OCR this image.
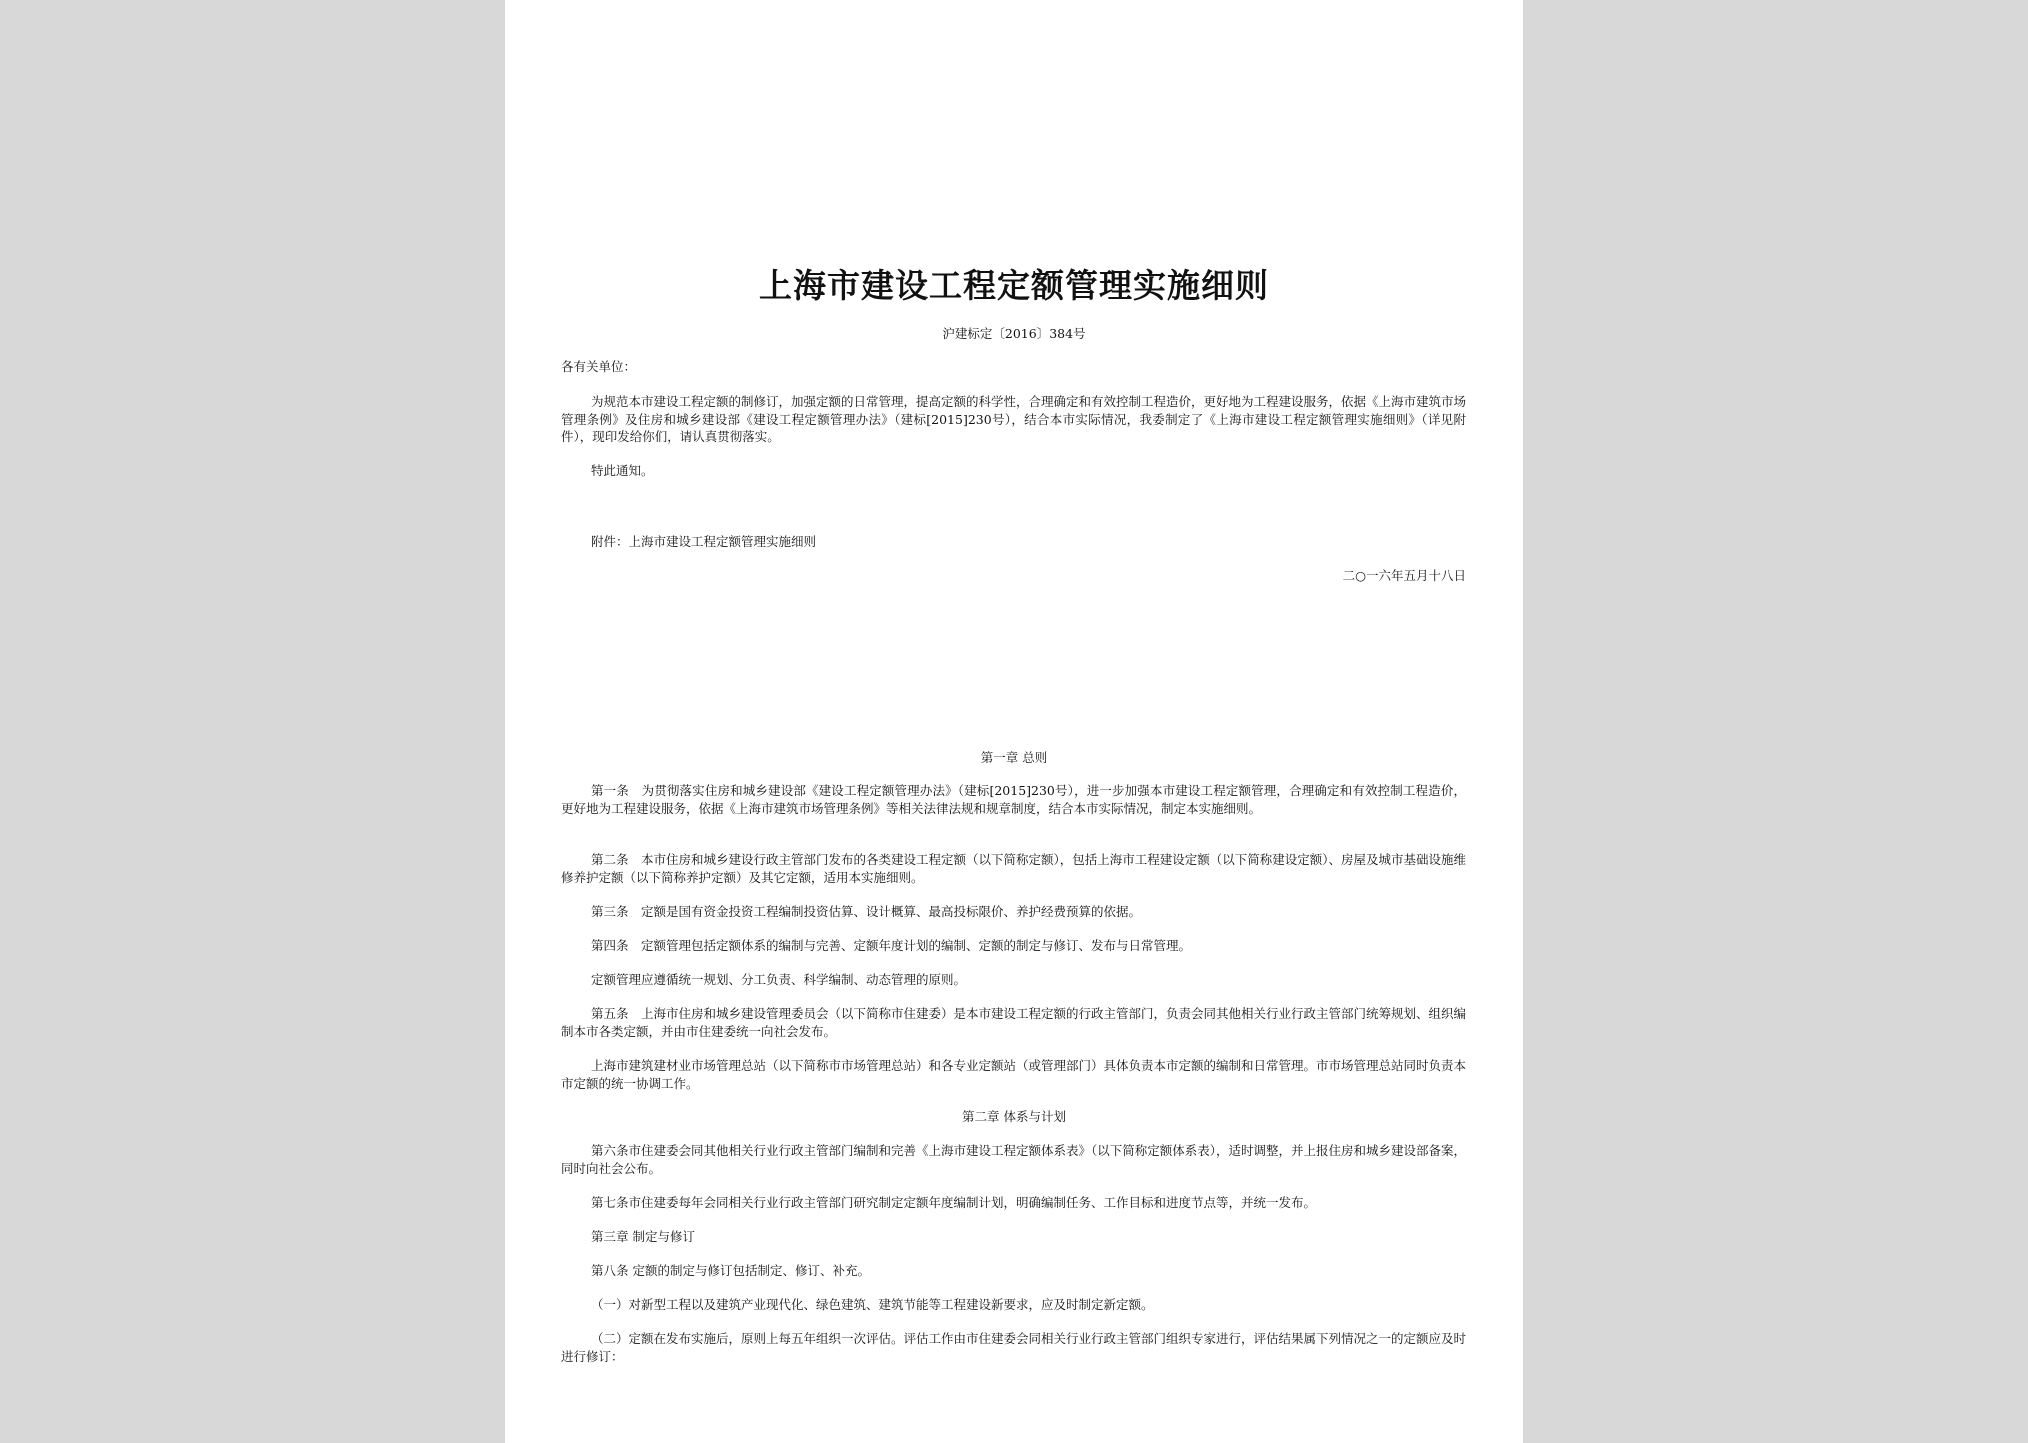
上海市建设工程定额管理实施细则

沪建标定〔2016〕384号

各有关单位：

为规范本市建设工程定额的制修订，加强定额的日常管理，提高定额的科学性，合理确定和有效控制工程造价，更好地为工程建设服务，依据《上海市建筑市场管理条例》及住房和城乡建设部《建设工程定额管理办法》（建标[2015]230号），结合本市实际情况，我委制定了《上海市建设工程定额管理实施细则》（详见附件），现印发给你们，请认真贯彻落实。

特此通知。

附件：上海市建设工程定额管理实施细则

二○一六年五月十八日

第一章 总则

第一条　为贯彻落实住房和城乡建设部《建设工程定额管理办法》（建标[2015]230号），进一步加强本市建设工程定额管理，合理确定和有效控制工程造价，更好地为工程建设服务，依据《上海市建筑市场管理条例》等相关法律法规和规章制度，结合本市实际情况，制定本实施细则。

第二条　本市住房和城乡建设行政主管部门发布的各类建设工程定额（以下简称定额），包括上海市工程建设定额（以下简称建设定额）、房屋及城市基础设施维修养护定额（以下简称养护定额）及其它定额，适用本实施细则。

第三条　定额是国有资金投资工程编制投资估算、设计概算、最高投标限价、养护经费预算的依据。

第四条　定额管理包括定额体系的编制与完善、定额年度计划的编制、定额的制定与修订、发布与日常管理。

定额管理应遵循统一规划、分工负责、科学编制、动态管理的原则。

第五条　上海市住房和城乡建设管理委员会（以下简称市住建委）是本市建设工程定额的行政主管部门，负责会同其他相关行业行政主管部门统筹规划、组织编制本市各类定额，并由市住建委统一向社会发布。

上海市建筑建材业市场管理总站（以下简称市市场管理总站）和各专业定额站（或管理部门）具体负责本市定额的编制和日常管理。市市场管理总站同时负责本市定额的统一协调工作。

第二章 体系与计划

第六条市住建委会同其他相关行业行政主管部门编制和完善《上海市建设工程定额体系表》（以下简称定额体系表），适时调整，并上报住房和城乡建设部备案，同时向社会公布。

第七条市住建委每年会同相关行业行政主管部门研究制定定额年度编制计划，明确编制任务、工作目标和进度节点等，并统一发布。

第三章 制定与修订

第八条 定额的制定与修订包括制定、修订、补充。

（一）对新型工程以及建筑产业现代化、绿色建筑、建筑节能等工程建设新要求，应及时制定新定额。

（二）定额在发布实施后，原则上每五年组织一次评估。评估工作由市住建委会同相关行业行政主管部门组织专家进行，评估结果属下列情况之一的定额应及时进行修订：
